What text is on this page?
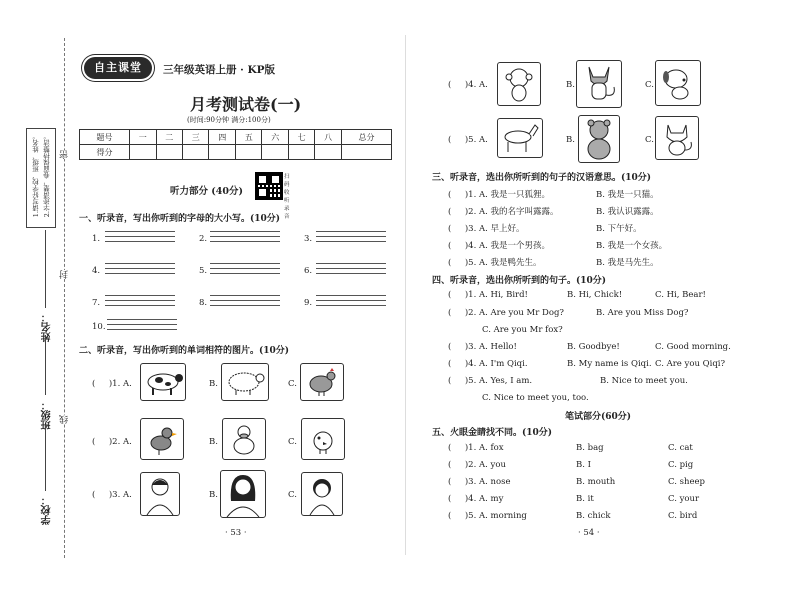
密
封
线
1.请写好学校、班级、姓名。 2.字迹清楚，卷面保持整洁。
姓名：
班级：
学校：
自主课堂	三年级英语上册 · KP版
月考测试卷(一)
(时间:90分钟 满分:100分)
题号	一	二	三	四	五	六	七	八	总分
得分									
听力部分 (40分)
扫码
收听
录音
一、听录音，写出你听到的字母的大小写。(10分)
1.	2.	3.
4.	5.	6.
7.	8.	9.
10.
二、听录音，写出你听到的单词相符的图片。(10分)
( )1. A.	B.	C.
( )2. A.	B.	C.
( )3. A.	B.	C.
· 53 ·
( )4. A.	B.	C.
( )5. A.	B.	C.
三、听录音，选出你所听到的句子的汉语意思。(10分)
( )1. A. 我是一只狐狸。	B. 我是一只猫。
( )2. A. 我的名字叫露露。	B. 我认识露露。
( )3. A. 早上好。	B. 下午好。
( )4. A. 我是一个男孩。	B. 我是一个女孩。
( )5. A. 我是鸭先生。	B. 我是马先生。
四、听录音，选出你所听到的句子。(10分)
( )1. A. Hi, Bird!	B. Hi, Chick!	C. Hi, Bear!
( )2. A. Are you Mr Dog?	B. Are you Miss Dog?
C. Are you Mr fox?
( )3. A. Hello!	B. Goodbye!	C. Good morning.
( )4. A. I'm Qiqi.	B. My name is Qiqi. C. Are you Qiqi?
( )5. A. Yes, I am.	B. Nice to meet you.
C. Nice to meet you, too.
笔试部分(60分)
五、火眼金睛找不同。(10分)
( )1. A. fox	B. bag	C. cat
( )2. A. you	B. I	C. pig
( )3. A. nose	B. mouth	C. sheep
( )4. A. my	B. it	C. your
( )5. A. morning	B. chick	C. bird
· 54 ·
